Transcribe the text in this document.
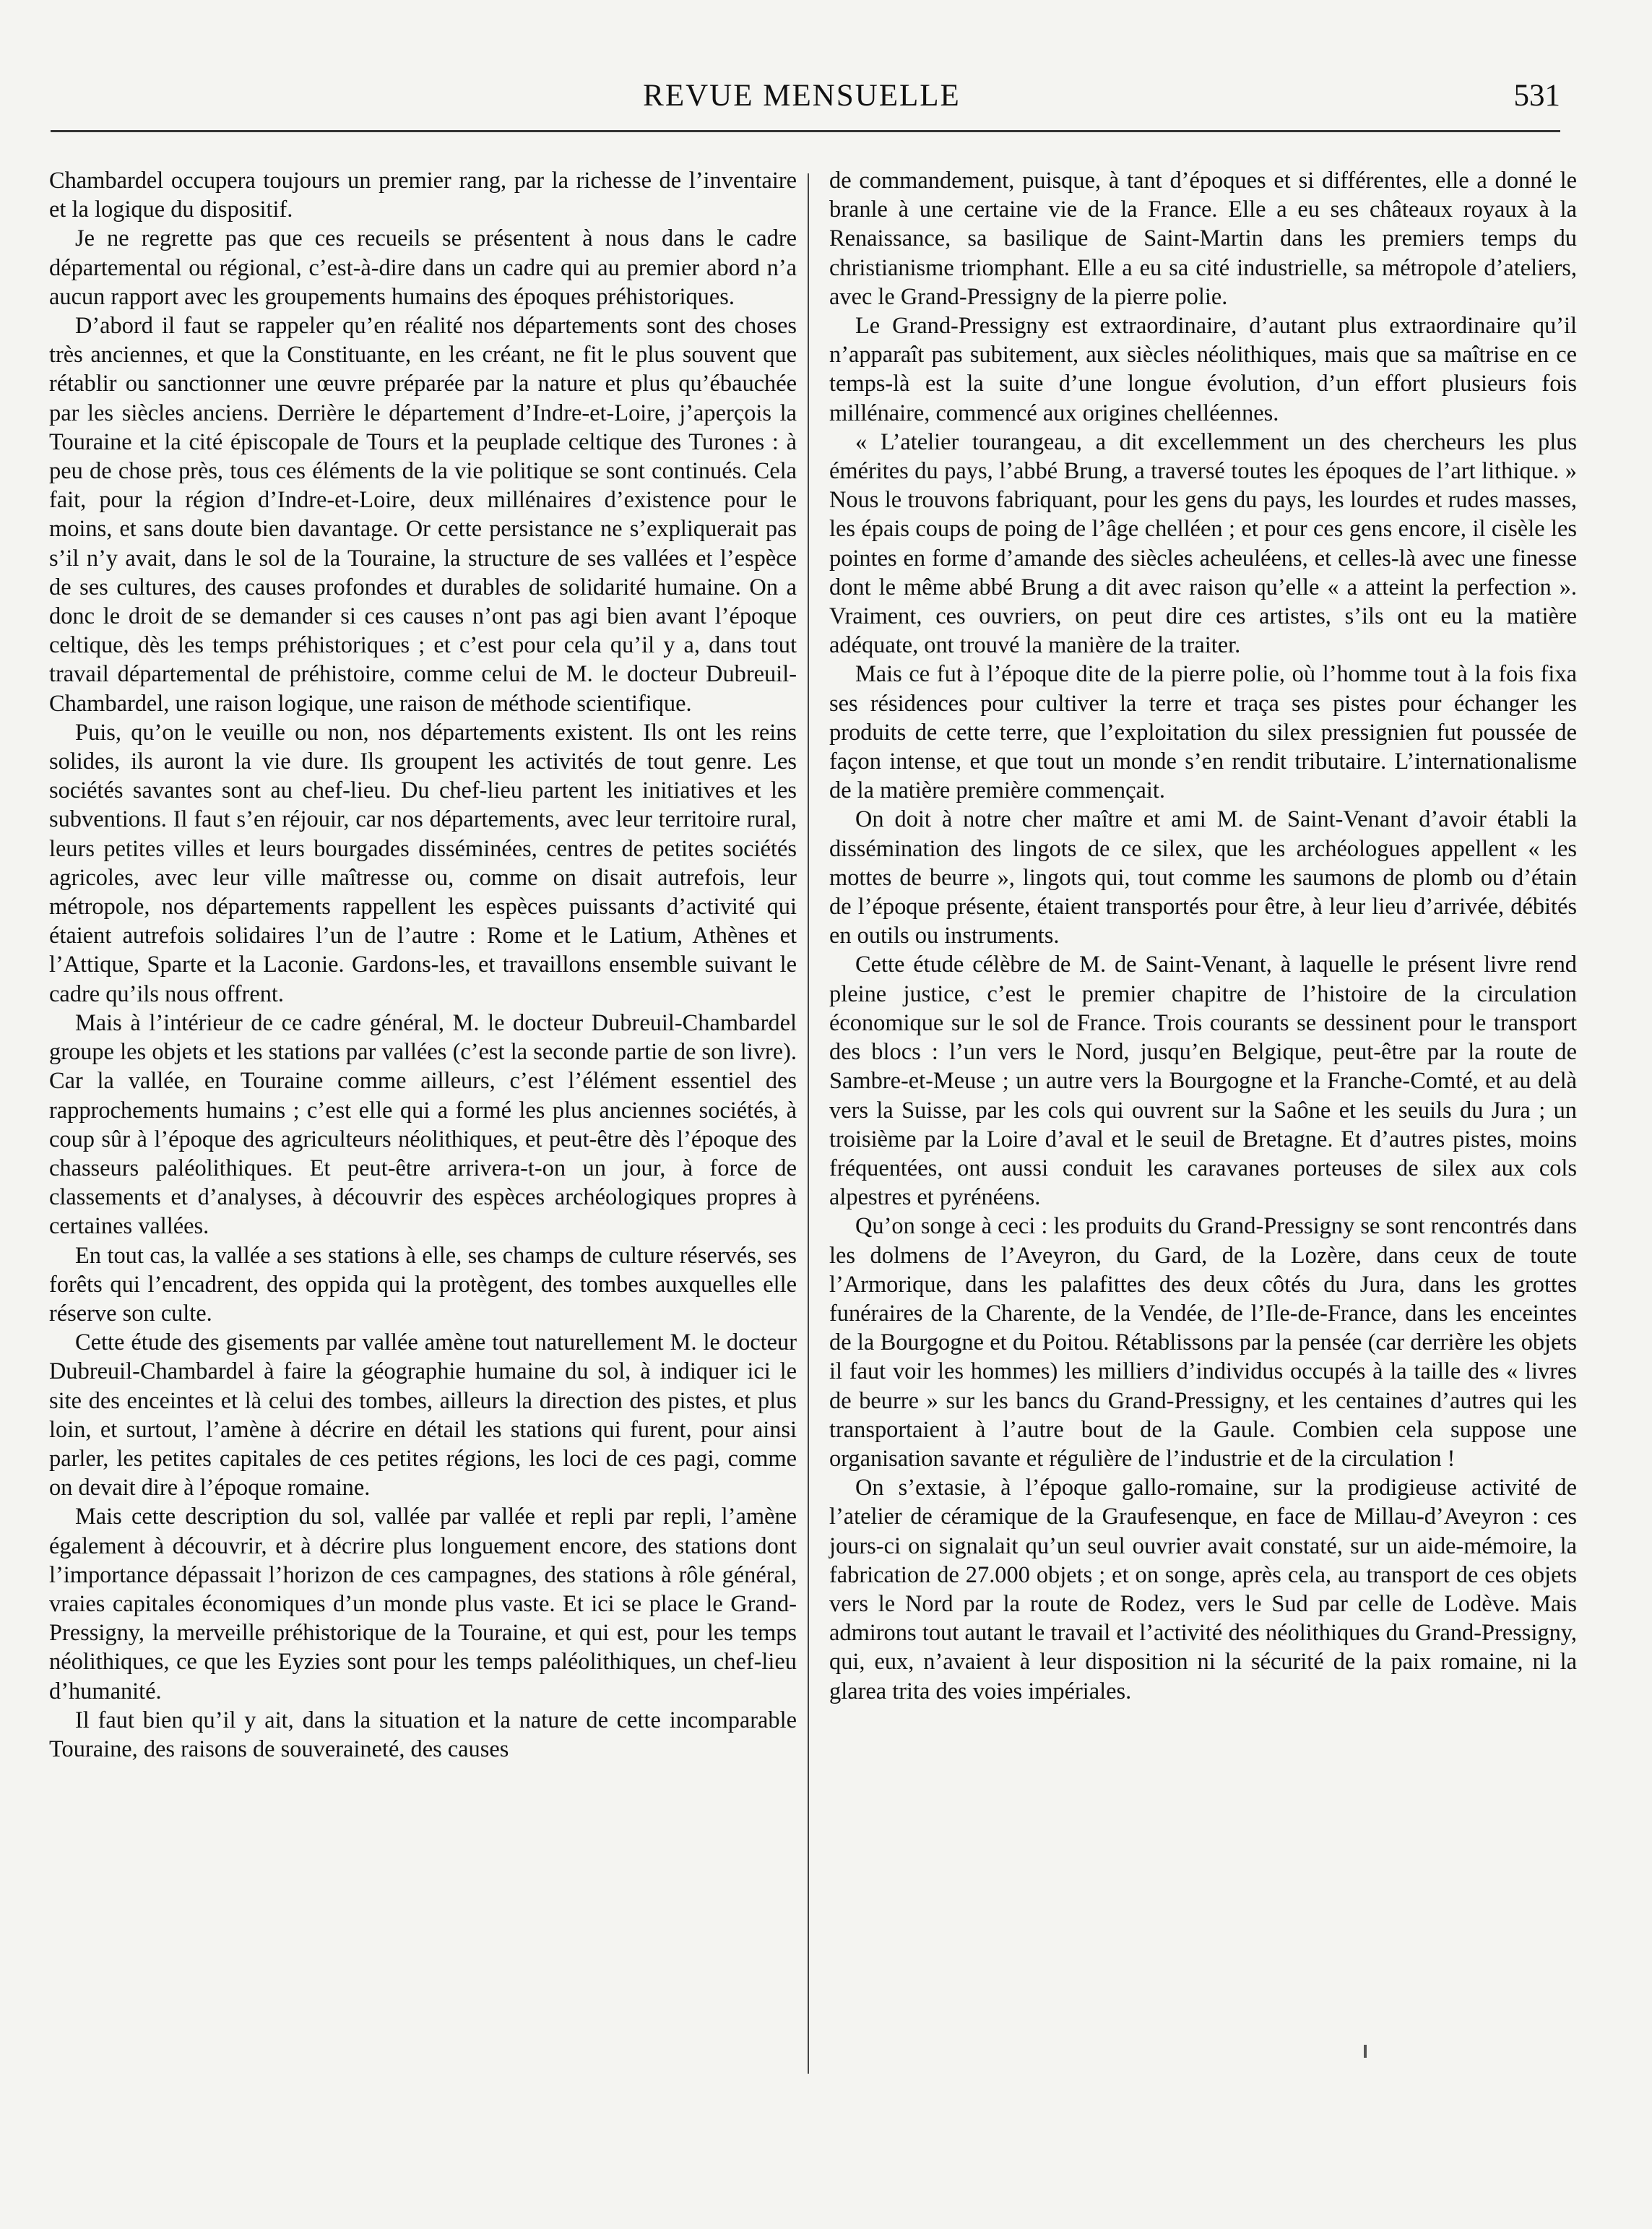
REVUE MENSUELLE	531

Chambardel occupera toujours un premier rang, par la richesse de l’inventaire et la logique du dispositif.

Je ne regrette pas que ces recueils se présentent à nous dans le cadre départemental ou régional, c’est-à-dire dans un cadre qui au premier abord n’a aucun rapport avec les groupements humains des époques préhistoriques.

D’abord il faut se rappeler qu’en réalité nos départements sont des choses très anciennes, et que la Constituante, en les créant, ne fit le plus souvent que rétablir ou sanctionner une œuvre préparée par la nature et plus qu’ébauchée par les siècles anciens. Derrière le département d’Indre-et-Loire, j’aperçois la Touraine et la cité épiscopale de Tours et la peuplade celtique des Turones : à peu de chose près, tous ces éléments de la vie politique se sont continués. Cela fait, pour la région d’Indre-et-Loire, deux millénaires d’existence pour le moins, et sans doute bien davantage. Or cette persistance ne s’expliquerait pas s’il n’y avait, dans le sol de la Touraine, la structure de ses vallées et l’espèce de ses cultures, des causes profondes et durables de solidarité humaine. On a donc le droit de se demander si ces causes n’ont pas agi bien avant l’époque celtique, dès les temps préhistoriques ; et c’est pour cela qu’il y a, dans tout travail départemental de préhistoire, comme celui de M. le docteur Dubreuil-Chambardel, une raison logique, une raison de méthode scientifique.

Puis, qu’on le veuille ou non, nos départements existent. Ils ont les reins solides, ils auront la vie dure. Ils groupent les activités de tout genre. Les sociétés savantes sont au chef-lieu. Du chef-lieu partent les initiatives et les subventions. Il faut s’en réjouir, car nos départements, avec leur territoire rural, leurs petites villes et leurs bourgades disséminées, centres de petites sociétés agricoles, avec leur ville maîtresse ou, comme on disait autrefois, leur métropole, nos départements rappellent les espèces puissants d’activité qui étaient autrefois solidaires l’un de l’autre : Rome et le Latium, Athènes et l’Attique, Sparte et la Laconie. Gardons-les, et travaillons ensemble suivant le cadre qu’ils nous offrent.

Mais à l’intérieur de ce cadre général, M. le docteur Dubreuil-Chambardel groupe les objets et les stations par vallées (c’est la seconde partie de son livre). Car la vallée, en Touraine comme ailleurs, c’est l’élément essentiel des rapprochements humains ; c’est elle qui a formé les plus anciennes sociétés, à coup sûr à l’époque des agriculteurs néolithiques, et peut-être dès l’époque des chasseurs paléolithiques. Et peut-être arrivera-t-on un jour, à force de classements et d’analyses, à découvrir des espèces archéologiques propres à certaines vallées.

En tout cas, la vallée a ses stations à elle, ses champs de culture réservés, ses forêts qui l’encadrent, des oppida qui la protègent, des tombes auxquelles elle réserve son culte.

Cette étude des gisements par vallée amène tout naturellement M. le docteur Dubreuil-Chambardel à faire la géographie humaine du sol, à indiquer ici le site des enceintes et là celui des tombes, ailleurs la direction des pistes, et plus loin, et surtout, l’amène à décrire en détail les stations qui furent, pour ainsi parler, les petites capitales de ces petites régions, les loci de ces pagi, comme on devait dire à l’époque romaine.

Mais cette description du sol, vallée par vallée et repli par repli, l’amène également à découvrir, et à décrire plus longuement encore, des stations dont l’importance dépassait l’horizon de ces campagnes, des stations à rôle général, vraies capitales économiques d’un monde plus vaste. Et ici se place le Grand-Pressigny, la merveille préhistorique de la Touraine, et qui est, pour les temps néolithiques, ce que les Eyzies sont pour les temps paléolithiques, un chef-lieu d’humanité.

Il faut bien qu’il y ait, dans la situation et la nature de cette incomparable Touraine, des raisons de souveraineté, des causes

de commandement, puisque, à tant d’époques et si différentes, elle a donné le branle à une certaine vie de la France. Elle a eu ses châteaux royaux à la Renaissance, sa basilique de Saint-Martin dans les premiers temps du christianisme triomphant. Elle a eu sa cité industrielle, sa métropole d’ateliers, avec le Grand-Pressigny de la pierre polie.

Le Grand-Pressigny est extraordinaire, d’autant plus extraordinaire qu’il n’apparaît pas subitement, aux siècles néolithiques, mais que sa maîtrise en ce temps-là est la suite d’une longue évolution, d’un effort plusieurs fois millénaire, commencé aux origines chelléennes.

« L’atelier tourangeau, a dit excellemment un des chercheurs les plus émérites du pays, l’abbé Brung, a traversé toutes les époques de l’art lithique. » Nous le trouvons fabriquant, pour les gens du pays, les lourdes et rudes masses, les épais coups de poing de l’âge chelléen ; et pour ces gens encore, il cisèle les pointes en forme d’amande des siècles acheuléens, et celles-là avec une finesse dont le même abbé Brung a dit avec raison qu’elle « a atteint la perfection ». Vraiment, ces ouvriers, on peut dire ces artistes, s’ils ont eu la matière adéquate, ont trouvé la manière de la traiter.

Mais ce fut à l’époque dite de la pierre polie, où l’homme tout à la fois fixa ses résidences pour cultiver la terre et traça ses pistes pour échanger les produits de cette terre, que l’exploitation du silex pressignien fut poussée de façon intense, et que tout un monde s’en rendit tributaire. L’internationalisme de la matière première commençait.

On doit à notre cher maître et ami M. de Saint-Venant d’avoir établi la dissémination des lingots de ce silex, que les archéologues appellent « les mottes de beurre », lingots qui, tout comme les saumons de plomb ou d’étain de l’époque présente, étaient transportés pour être, à leur lieu d’arrivée, débités en outils ou instruments.

Cette étude célèbre de M. de Saint-Venant, à laquelle le présent livre rend pleine justice, c’est le premier chapitre de l’histoire de la circulation économique sur le sol de France. Trois courants se dessinent pour le transport des blocs : l’un vers le Nord, jusqu’en Belgique, peut-être par la route de Sambre-et-Meuse ; un autre vers la Bourgogne et la Franche-Comté, et au delà vers la Suisse, par les cols qui ouvrent sur la Saône et les seuils du Jura ; un troisième par la Loire d’aval et le seuil de Bretagne. Et d’autres pistes, moins fréquentées, ont aussi conduit les caravanes porteuses de silex aux cols alpestres et pyrénéens.

Qu’on songe à ceci : les produits du Grand-Pressigny se sont rencontrés dans les dolmens de l’Aveyron, du Gard, de la Lozère, dans ceux de toute l’Armorique, dans les palafittes des deux côtés du Jura, dans les grottes funéraires de la Charente, de la Vendée, de l’Ile-de-France, dans les enceintes de la Bourgogne et du Poitou. Rétablissons par la pensée (car derrière les objets il faut voir les hommes) les milliers d’individus occupés à la taille des « livres de beurre » sur les bancs du Grand-Pressigny, et les centaines d’autres qui les transportaient à l’autre bout de la Gaule. Combien cela suppose une organisation savante et régulière de l’industrie et de la circulation !

On s’extasie, à l’époque gallo-romaine, sur la prodigieuse activité de l’atelier de céramique de la Graufesenque, en face de Millau-d’Aveyron : ces jours-ci on signalait qu’un seul ouvrier avait constaté, sur un aide-mémoire, la fabrication de 27.000 objets ; et on songe, après cela, au transport de ces objets vers le Nord par la route de Rodez, vers le Sud par celle de Lodève. Mais admirons tout autant le travail et l’activité des néolithiques du Grand-Pressigny, qui, eux, n’avaient à leur disposition ni la sécurité de la paix romaine, ni la glarea trita des voies impériales.
